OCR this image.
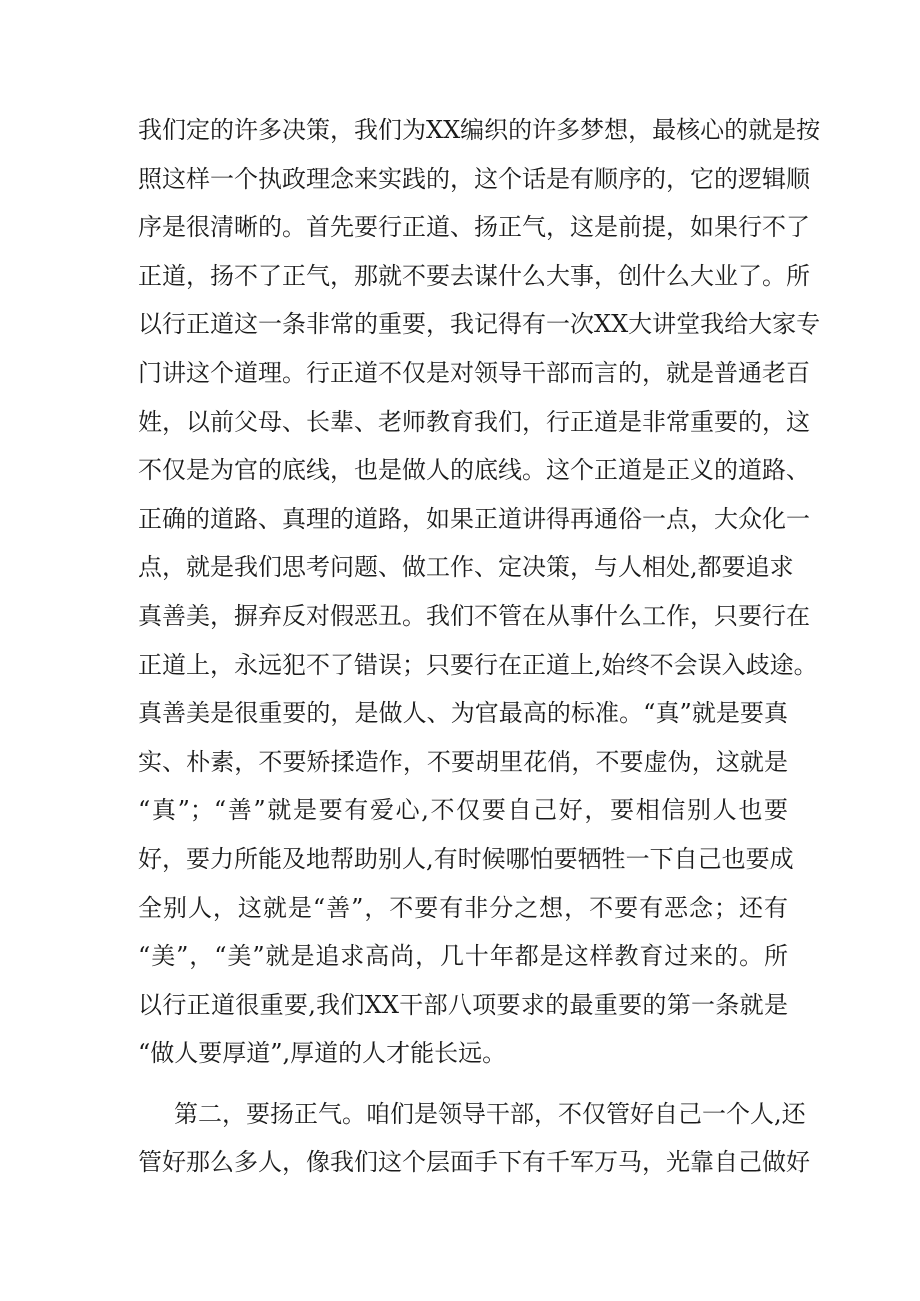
我们定的许多决策，我们为XX编织的许多梦想，最核心的就是按

照这样一个执政理念来实践的，这个话是有顺序的，它的逻辑顺

序是很清晰的。首先要行正道、扬正气，这是前提，如果行不了

正道，扬不了正气，那就不要去谋什么大事，创什么大业了。所

以行正道这一条非常的重要，我记得有一次XX大讲堂我给大家专

门讲这个道理。行正道不仅是对领导干部而言的，就是普通老百

姓，以前父母、长辈、老师教育我们，行正道是非常重要的，这

不仅是为官的底线，也是做人的底线。这个正道是正义的道路、

正确的道路、真理的道路，如果正道讲得再通俗一点，大众化一

点，就是我们思考问题、做工作、定决策，与人相处,都要追求

真善美，摒弃反对假恶丑。我们不管在从事什么工作，只要行在

正道上，永远犯不了错误；只要行在正道上,始终不会误入歧途。

真善美是很重要的，是做人、为官最高的标准。“真”就是要真

实、朴素，不要矫揉造作，不要胡里花俏，不要虚伪，这就是

“真”；“善”就是要有爱心,不仅要自己好，要相信别人也要

好，要力所能及地帮助别人,有时候哪怕要牺牲一下自己也要成

全别人，这就是“善”，不要有非分之想，不要有恶念；还有

“美”，“美”就是追求高尚，几十年都是这样教育过来的。所

以行正道很重要,我们XX干部八项要求的最重要的第一条就是

“做人要厚道”,厚道的人才能长远。

第二，要扬正气。咱们是领导干部，不仅管好自己一个人,还

管好那么多人，像我们这个层面手下有千军万马，光靠自己做好
